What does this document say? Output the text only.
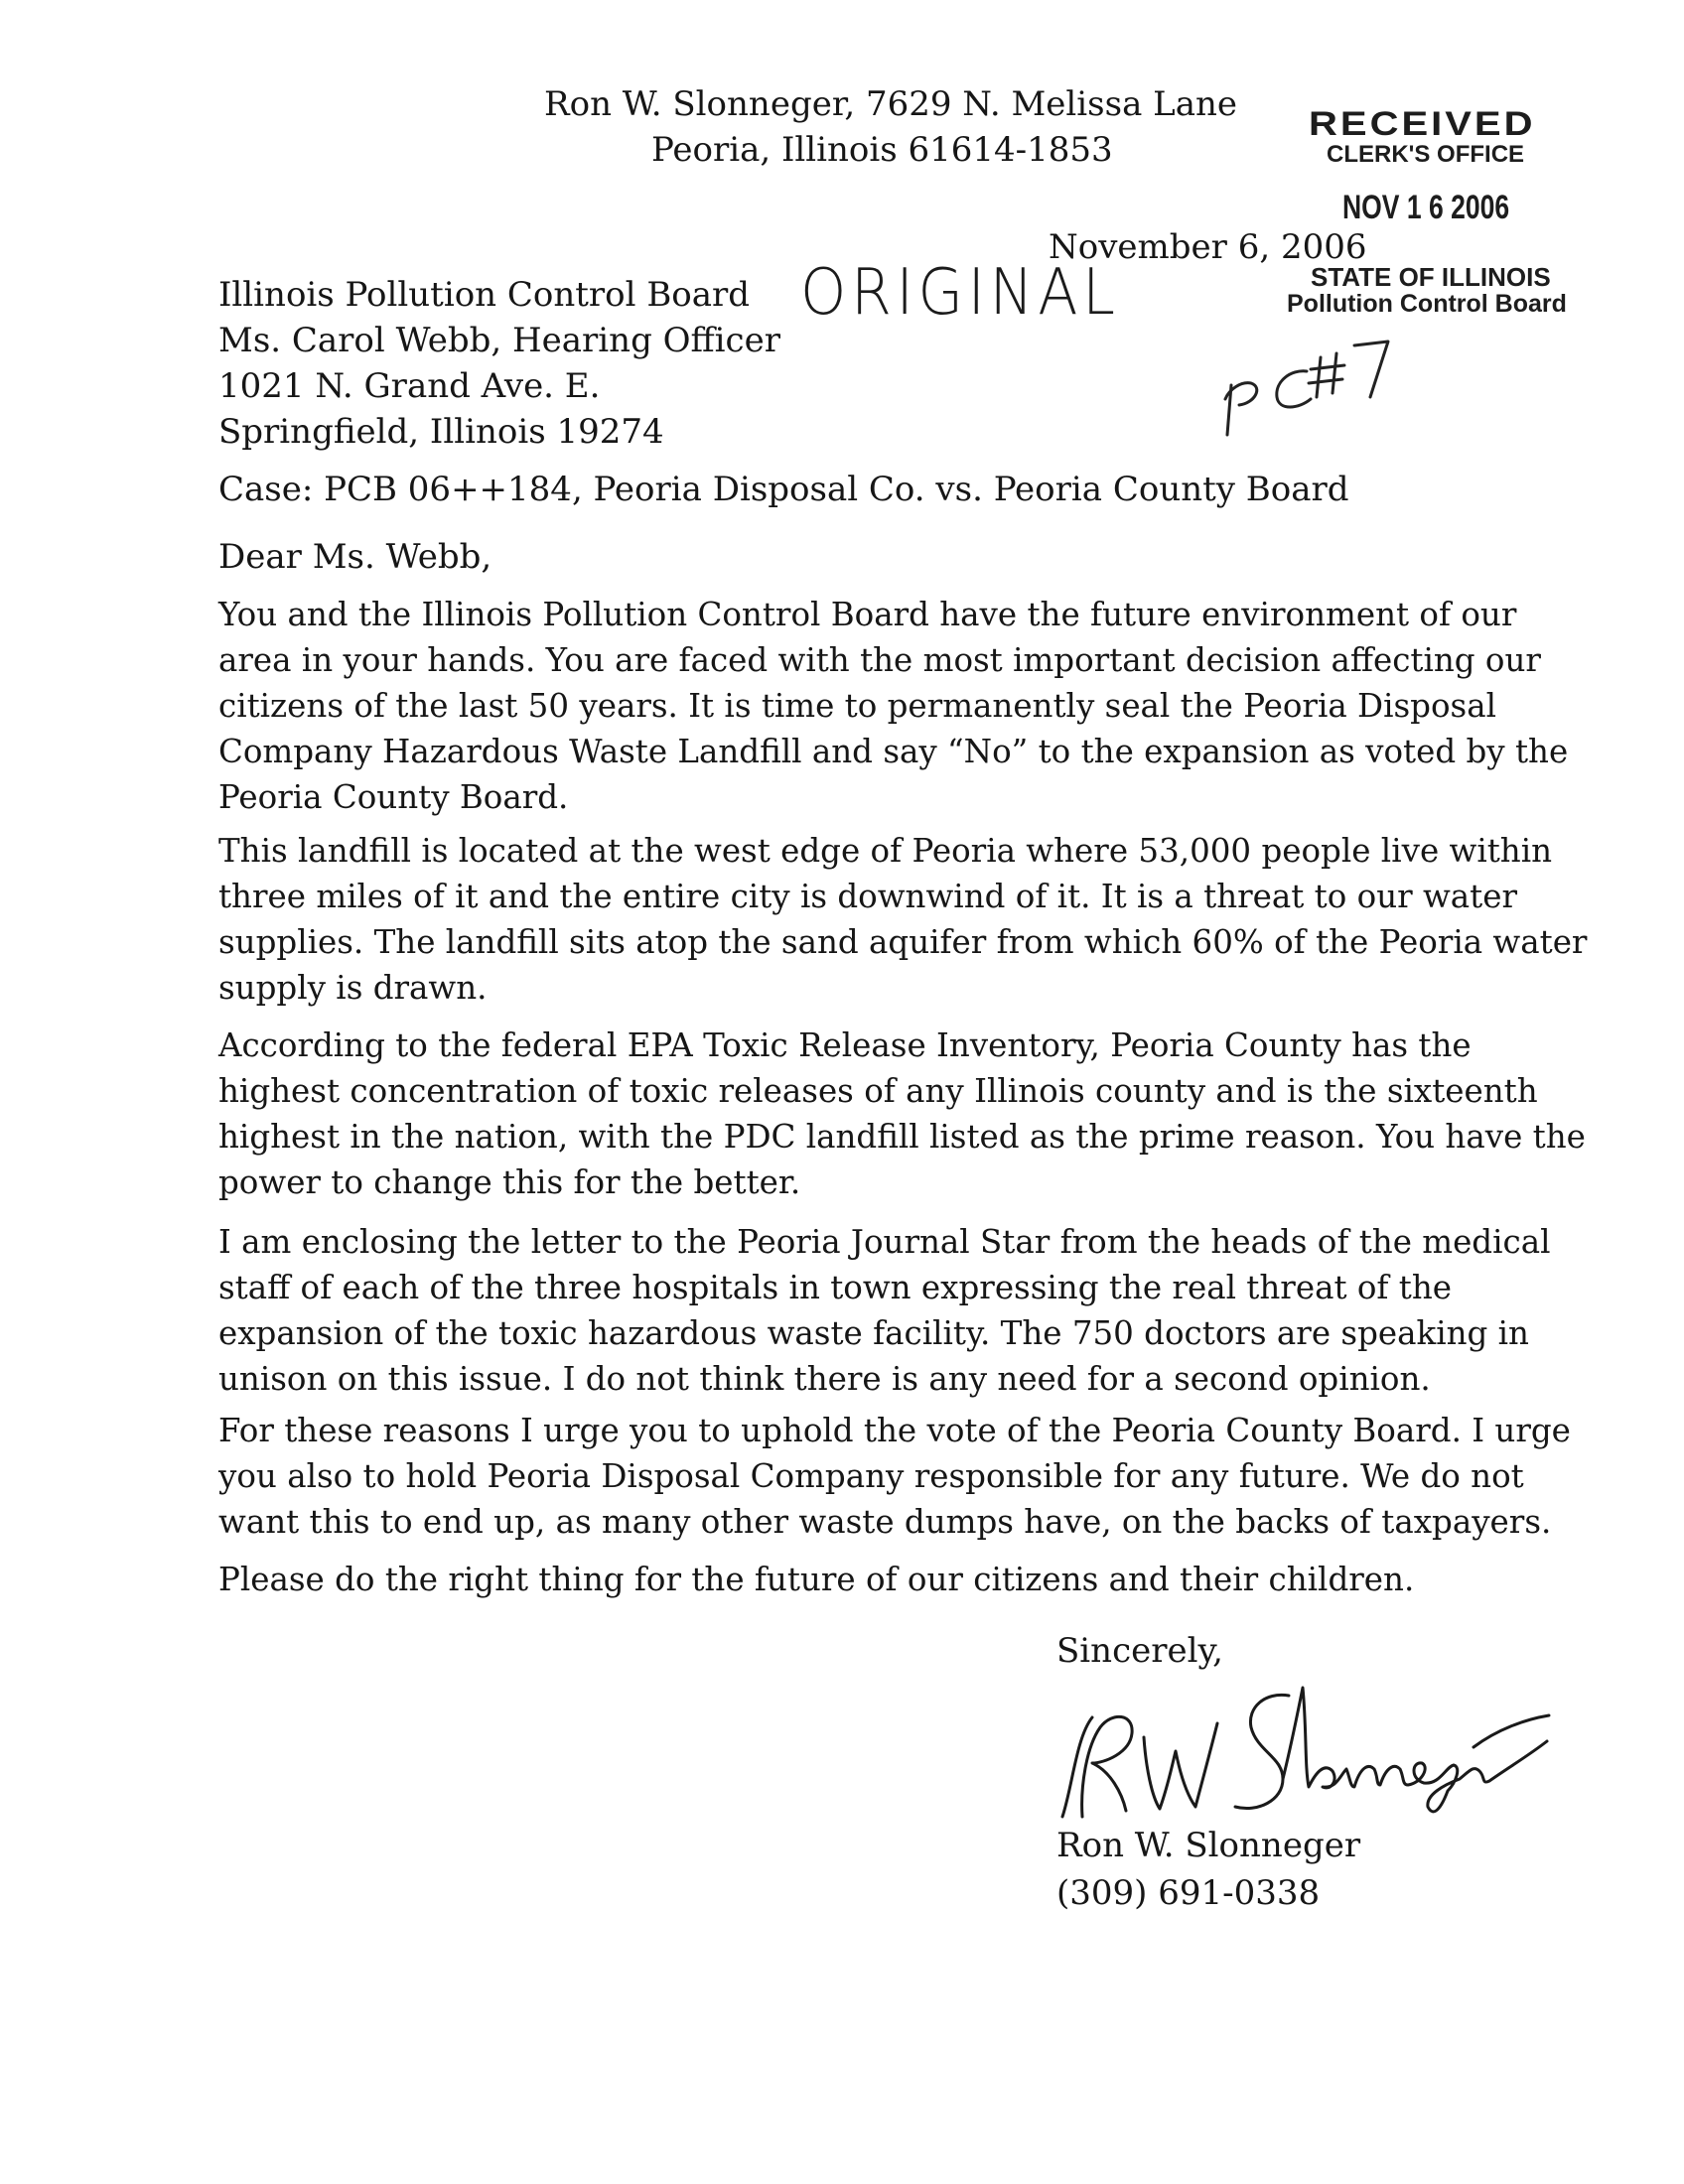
Ron W. Slonneger, 7629 N. Melissa Lane

Peoria, Illinois 61614-1853

RECEIVED

CLERK'S OFFICE

NOV 1 6 2006

STATE OF ILLINOIS

Pollution Control Board

November 6, 2006

ORIGINAL

Illinois Pollution Control Board

Ms. Carol Webb, Hearing Officer

1021 N. Grand Ave. E.

Springfield, Illinois 19274

Case: PCB 06++184, Peoria Disposal Co. vs. Peoria County Board

Dear Ms. Webb,

You and the Illinois Pollution Control Board have the future environment of our
area in your hands. You are faced with the most important decision affecting our
citizens of the last 50 years. It is time to permanently seal the Peoria Disposal
Company Hazardous Waste Landfill and say “No” to the expansion as voted by the
Peoria County Board.
This landfill is located at the west edge of Peoria where 53,000 people live within
three miles of it and the entire city is downwind of it. It is a threat to our water
supplies. The landfill sits atop the sand aquifer from which 60% of the Peoria water
supply is drawn.
According to the federal EPA Toxic Release Inventory, Peoria County has the
highest concentration of toxic releases of any Illinois county and is the sixteenth
highest in the nation, with the PDC landfill listed as the prime reason. You have the
power to change this for the better.
I am enclosing the letter to the Peoria Journal Star from the heads of the medical
staff of each of the three hospitals in town expressing the real threat of the
expansion of the toxic hazardous waste facility. The 750 doctors are speaking in
unison on this issue. I do not think there is any need for a second opinion.
For these reasons I urge you to uphold the vote of the Peoria County Board. I urge
you also to hold Peoria Disposal Company responsible for any future. We do not
want this to end up, as many other waste dumps have, on the backs of taxpayers.
Please do the right thing for the future of our citizens and their children.

Sincerely,

Ron W. Slonneger

(309) 691-0338
